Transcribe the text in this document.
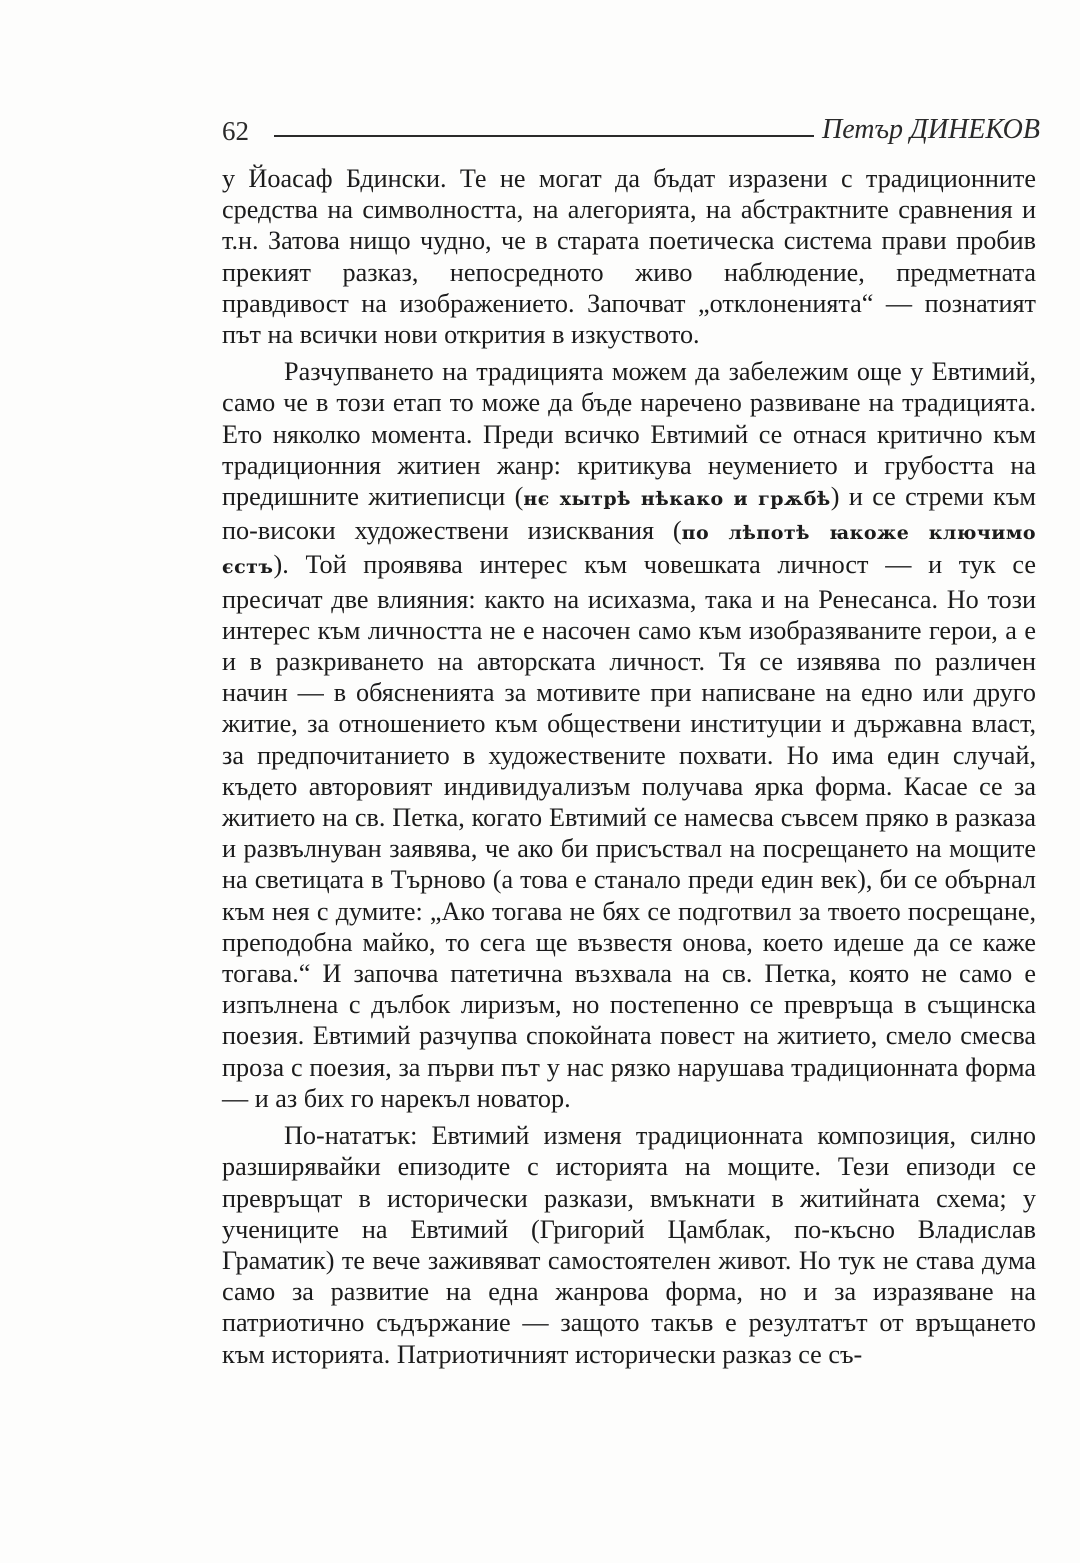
62	Петър ДИНЕКОВ

у Йоасаф Бдински. Те не могат да бъдат изразени с традиционните средства на символността, на алегорията, на абстрактните сравнения и т.н. Затова нищо чудно, че в старата поетическа система прави пробив прекият разказ, непосредното живо наблюдение, предметната правдивост на изображението. Започват „отклоненията“ — познатият път на всички нови открития в изкуството.

Разчупването на традицията можем да забележим още у Евтимий, само че в този етап то може да бъде наречено развиване на традицията. Ето няколко момента. Преди всичко Евтимий се отнася критично към традиционния житиен жанр: критикува неумението и грубостта на предишните житиеписци (нє хытрѣ нѣкако и грѫбѣ) и се стреми към по-високи художествени изисквания (по лѣпотѣ ꙗкоже ключимо єстъ). Той проявява интерес към човешката личност — и тук се пресичат две влияния: както на исихазма, така и на Ренесанса. Но този интерес към личността не е насочен само към изобразяваните герои, а е и в разкриването на авторската личност. Тя се изявява по различен начин — в обясненията за мотивите при написване на едно или друго житие, за отношението към обществени институции и държавна власт, за предпочитанието в художествените похвати. Но има един случай, където авторовият индивидуализъм получава ярка форма. Касае се за житието на св. Петка, когато Евтимий се намесва съвсем пряко в разказа и развълнуван заявява, че ако би присъствал на посрещането на мощите на светицата в Търново (а това е станало преди един век), би се обърнал към нея с думите: „Ако тогава не бях се подготвил за твоето посрещане, преподобна майко, то сега ще възвестя онова, което идеше да се каже тогава.“ И започва патетична възхвала на св. Петка, която не само е изпълнена с дълбок лиризъм, но постепенно се превръща в същинска поезия. Евтимий разчупва спокойната повест на житието, смело смесва проза с поезия, за първи път у нас рязко нарушава традиционната форма — и аз бих го нарекъл новатор.

По-нататък: Евтимий изменя традиционната композиция, силно разширявайки епизодите с историята на мощите. Тези епизоди се превръщат в исторически разкази, вмъкнати в житийната схема; у учениците на Евтимий (Григорий Цамблак, по-късно Владислав Граматик) те вече заживяват самостоятелен живот. Но тук не става дума само за развитие на една жанрова форма, но и за изразяване на патриотично съдържание — защото такъв е резултатът от връщането към историята. Патриотичният исторически разказ се съ-
